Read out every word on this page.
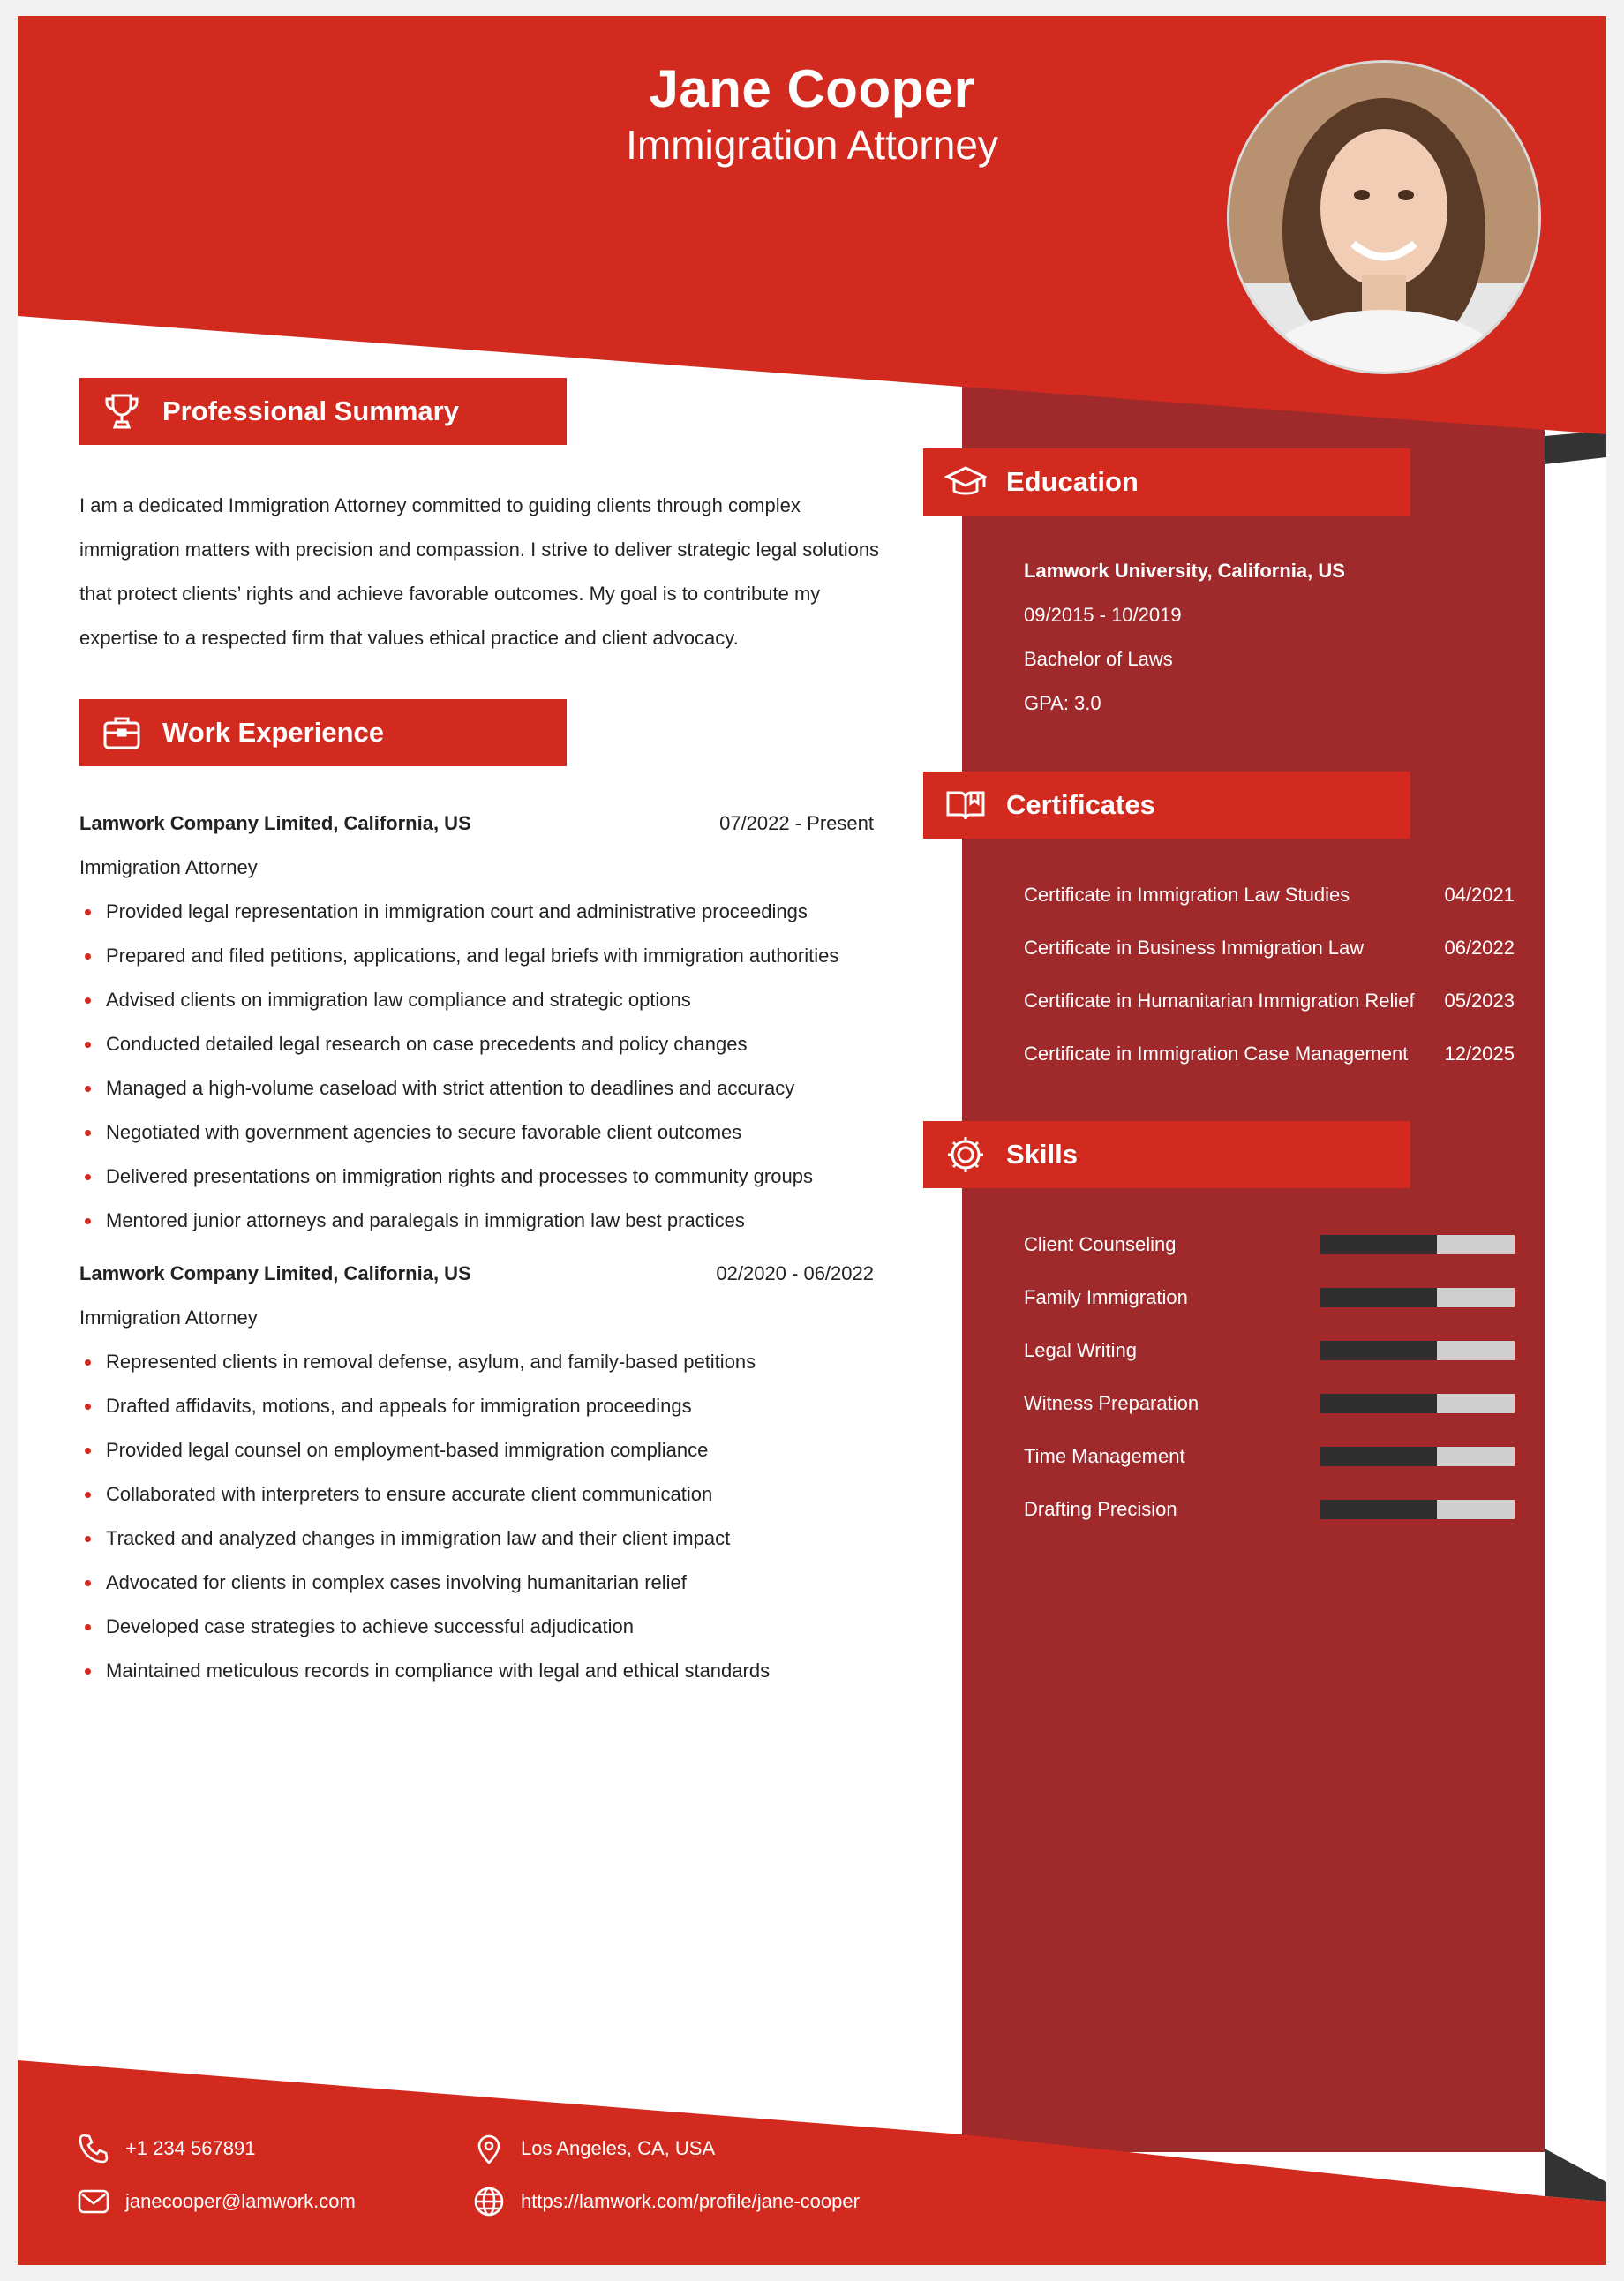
Jane Cooper
Immigration Attorney
Professional Summary
I am a dedicated Immigration Attorney committed to guiding clients through complex
immigration matters with precision and compassion. I strive to deliver strategic legal solutions
that protect clients’ rights and achieve favorable outcomes. My goal is to contribute my
expertise to a respected firm that values ethical practice and client advocacy.
Work Experience
Lamwork Company Limited, California, US	07/2022 - Present
Immigration Attorney
Provided legal representation in immigration court and administrative proceedings
Prepared and filed petitions, applications, and legal briefs with immigration authorities
Advised clients on immigration law compliance and strategic options
Conducted detailed legal research on case precedents and policy changes
Managed a high-volume caseload with strict attention to deadlines and accuracy
Negotiated with government agencies to secure favorable client outcomes
Delivered presentations on immigration rights and processes to community groups
Mentored junior attorneys and paralegals in immigration law best practices
Lamwork Company Limited, California, US	02/2020 - 06/2022
Immigration Attorney
Represented clients in removal defense, asylum, and family-based petitions
Drafted affidavits, motions, and appeals for immigration proceedings
Provided legal counsel on employment-based immigration compliance
Collaborated with interpreters to ensure accurate client communication
Tracked and analyzed changes in immigration law and their client impact
Advocated for clients in complex cases involving humanitarian relief
Developed case strategies to achieve successful adjudication
Maintained meticulous records in compliance with legal and ethical standards
Education
Lamwork University, California, US
09/2015 - 10/2019
Bachelor of Laws
GPA: 3.0
Certificates
Certificate in Immigration Law Studies	04/2021
Certificate in Business Immigration Law	06/2022
Certificate in Humanitarian Immigration Relief 05/2023
Certificate in Immigration Case Management 12/2025
Skills
Client Counseling
Family Immigration
Legal Writing
Witness Preparation
Time Management
Drafting Precision
+1 234 567891	Los Angeles, CA, USA
janecooper@lamwork.com	https://lamwork.com/profile/jane-cooper
